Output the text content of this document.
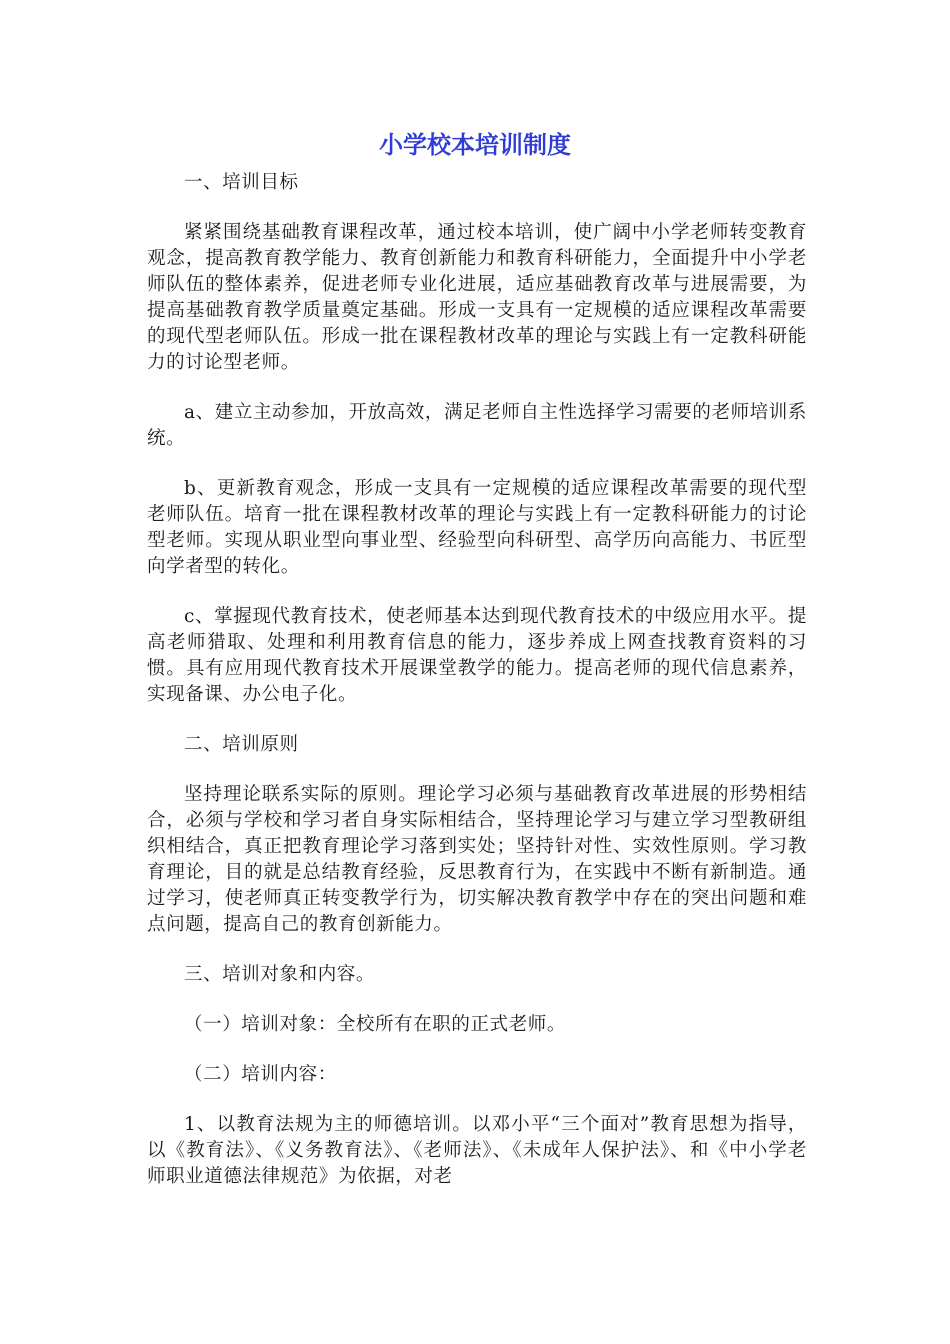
小学校本培训制度

一、培训目标

紧紧围绕基础教育课程改革，通过校本培训，使广阔中小学老师转变教育观念，提高教育教学能力、教育创新能力和教育科研能力，全面提升中小学老师队伍的整体素养，促进老师专业化进展，适应基础教育改革与进展需要，为提高基础教育教学质量奠定基础。形成一支具有一定规模的适应课程改革需要的现代型老师队伍。形成一批在课程教材改革的理论与实践上有一定教科研能力的讨论型老师。

a、建立主动参加，开放高效，满足老师自主性选择学习需要的老师培训系统。

b、更新教育观念，形成一支具有一定规模的适应课程改革需要的现代型老师队伍。培育一批在课程教材改革的理论与实践上有一定教科研能力的讨论型老师。实现从职业型向事业型、经验型向科研型、高学历向高能力、书匠型向学者型的转化。

c、掌握现代教育技术，使老师基本达到现代教育技术的中级应用水平。提高老师猎取、处理和利用教育信息的能力，逐步养成上网查找教育资料的习惯。具有应用现代教育技术开展课堂教学的能力。提高老师的现代信息素养，实现备课、办公电子化。

二、培训原则

坚持理论联系实际的原则。理论学习必须与基础教育改革进展的形势相结合，必须与学校和学习者自身实际相结合，坚持理论学习与建立学习型教研组织相结合，真正把教育理论学习落到实处；坚持针对性、实效性原则。学习教育理论，目的就是总结教育经验，反思教育行为，在实践中不断有新制造。通过学习，使老师真正转变教学行为，切实解决教育教学中存在的突出问题和难点问题，提高自己的教育创新能力。

三、培训对象和内容。

（一）培训对象：全校所有在职的正式老师。

（二）培训内容：

1、以教育法规为主的师德培训。以邓小平“三个面对”教育思想为指导，以《教育法》、《义务教育法》、《老师法》、《未成年人保护法》、和《中小学老师职业道德法律规范》为依据，对老
